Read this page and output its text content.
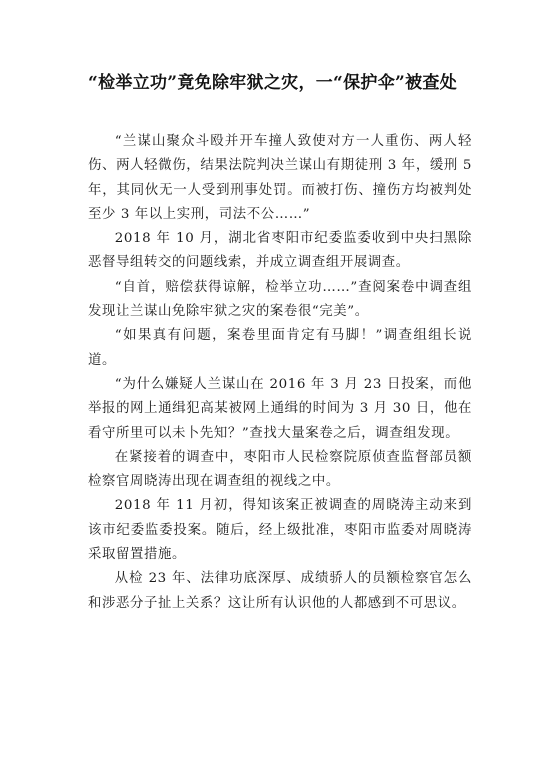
“检举立功”竟免除牢狱之灾，一“保护伞”被查处

“兰谋山聚众斗殴并开车撞人致使对方一人重伤、两人轻伤、两人轻微伤，结果法院判决兰谋山有期徒刑 3 年，缓刑 5 年，其同伙无一人受到刑事处罚。而被打伤、撞伤方均被判处至少 3 年以上实刑，司法不公……”

2018 年 10 月，湖北省枣阳市纪委监委收到中央扫黑除恶督导组转交的问题线索，并成立调查组开展调查。

“自首，赔偿获得谅解，检举立功……”查阅案卷中调查组发现让兰谋山免除牢狱之灾的案卷很“完美”。

“如果真有问题，案卷里面肯定有马脚！”调查组组长说道。

“为什么嫌疑人兰谋山在 2016 年 3 月 23 日投案，而他举报的网上通缉犯高某被网上通缉的时间为 3 月 30 日，他在看守所里可以未卜先知？”查找大量案卷之后，调查组发现。

在紧接着的调查中，枣阳市人民检察院原侦查监督部员额检察官周晓涛出现在调查组的视线之中。

2018 年 11 月初，得知该案正被调查的周晓涛主动来到该市纪委监委投案。随后，经上级批准，枣阳市监委对周晓涛采取留置措施。

从检 23 年、法律功底深厚、成绩骄人的员额检察官怎么和涉恶分子扯上关系？这让所有认识他的人都感到不可思议。
